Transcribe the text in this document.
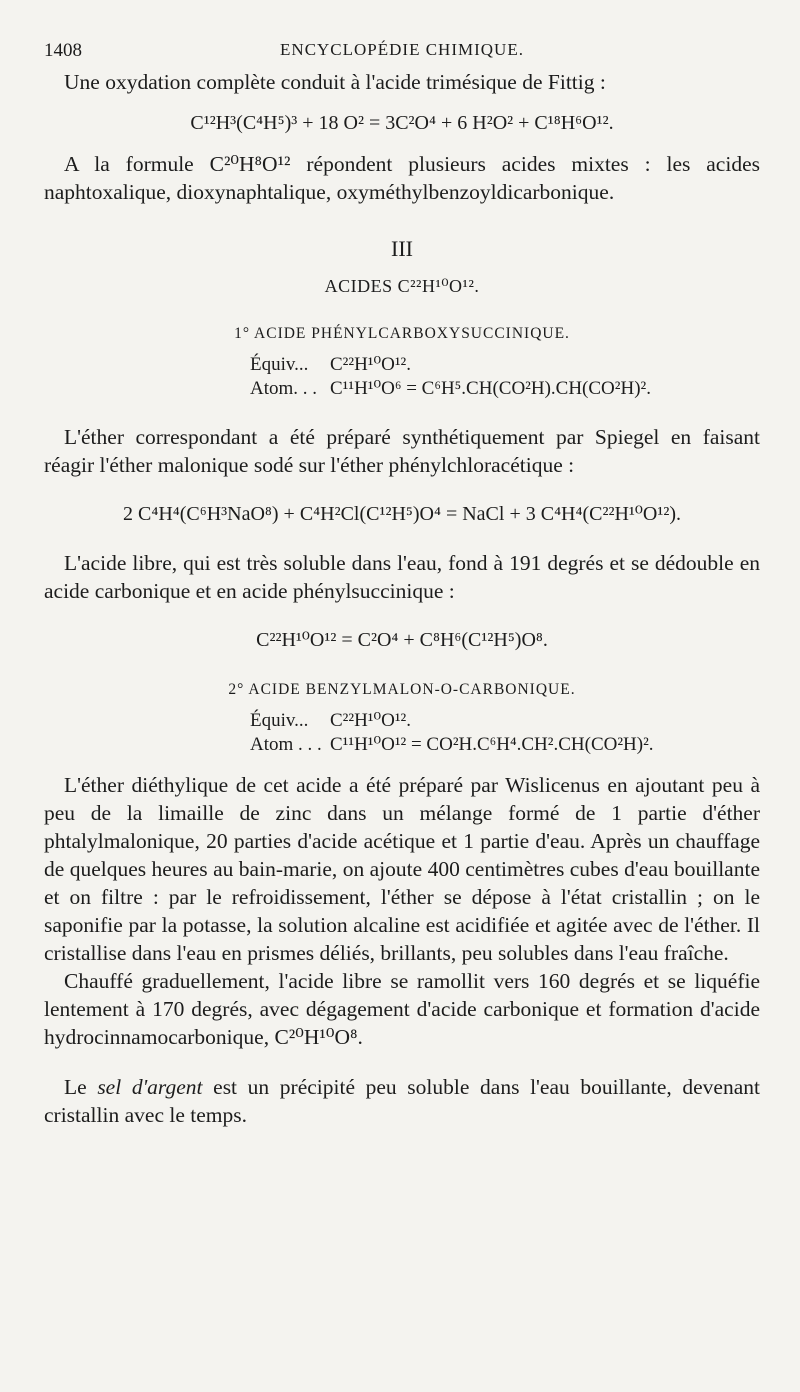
1408	ENCYCLOPÉDIE CHIMIQUE.

Une oxydation complète conduit à l'acide trimésique de Fittig :

C¹²H³(C⁴H⁵)³ + 18 O² = 3C²O⁴ + 6 H²O² + C¹⁸H⁶O¹².

A la formule C²⁰H⁸O¹² répondent plusieurs acides mixtes : les acides naphtoxalique, dioxynaphtalique, oxyméthylbenzoyldicarbonique.

III
ACIDES C²²H¹⁰O¹².
1° ACIDE PHÉNYLCARBOXYSUCCINIQUE.
Équiv...	C²²H¹⁰O¹².
Atom. . . C¹¹H¹⁰O⁶ = C⁶H⁵.CH(CO²H).CH(CO²H)².

L'éther correspondant a été préparé synthétiquement par Spiegel en faisant réagir l'éther malonique sodé sur l'éther phénylchloracétique :

2 C⁴H⁴(C⁶H³NaO⁸) + C⁴H²Cl(C¹²H⁵)O⁴ = NaCl + 3 C⁴H⁴(C²²H¹⁰O¹²).

L'acide libre, qui est très soluble dans l'eau, fond à 191 degrés et se dédouble en acide carbonique et en acide phénylsuccinique :

C²²H¹⁰O¹² = C²O⁴ + C⁸H⁶(C¹²H⁵)O⁸.
2° ACIDE BENZYLMALON-O-CARBONIQUE.
Équiv...	C²²H¹⁰O¹².
Atom . . . C¹¹H¹⁰O¹² = CO²H.C⁶H⁴.CH².CH(CO²H)².

L'éther diéthylique de cet acide a été préparé par Wislicenus en ajoutant peu à peu de la limaille de zinc dans un mélange formé de 1 partie d'éther phtalylmalonique, 20 parties d'acide acétique et 1 partie d'eau. Après un chauffage de quelques heures au bain-marie, on ajoute 400 centimètres cubes d'eau bouillante et on filtre : par le refroidissement, l'éther se dépose à l'état cristallin ; on le saponifie par la potasse, la solution alcaline est acidifiée et agitée avec de l'éther. Il cristallise dans l'eau en prismes déliés, brillants, peu solubles dans l'eau fraîche.

Chauffé graduellement, l'acide libre se ramollit vers 160 degrés et se liquéfie lentement à 170 degrés, avec dégagement d'acide carbonique et formation d'acide hydrocinnamocarbonique, C²⁰H¹⁰O⁸.

Le sel d'argent est un précipité peu soluble dans l'eau bouillante, devenant cristallin avec le temps.
